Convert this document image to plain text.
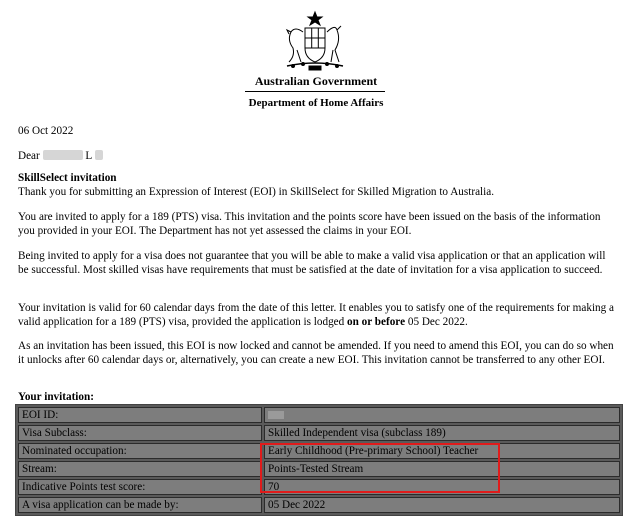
Australian Government
Department of Home Affairs
06 Oct 2022
Dear	L
SkillSelect invitation
Thank you for submitting an Expression of Interest (EOI) in SkillSelect for Skilled Migration to Australia.
You are invited to apply for a 189 (PTS) visa. This invitation and the points score have been issued on the basis of the information you provided in your EOI. The Department has not yet assessed the claims in your EOI.
Being invited to apply for a visa does not guarantee that you will be able to make a valid visa application or that an application will be successful. Most skilled visas have requirements that must be satisfied at the date of invitation for a visa application to succeed.
Your invitation is valid for 60 calendar days from the date of this letter. It enables you to satisfy one of the requirements for making a valid application for a 189 (PTS) visa, provided the application is lodged on or before 05 Dec 2022.
As an invitation has been issued, this EOI is now locked and cannot be amended. If you need to amend this EOI, you can do so when it unlocks after 60 calendar days or, alternatively, you can create a new EOI. This invitation cannot be transferred to any other EOI.
Your invitation:
EOI ID:	
Visa Subclass:	Skilled Independent visa (subclass 189)
Nominated occupation:	Early Childhood (Pre-primary School) Teacher
Stream:	Points-Tested Stream
Indicative Points test score:	70
A visa application can be made by:	05 Dec 2022
